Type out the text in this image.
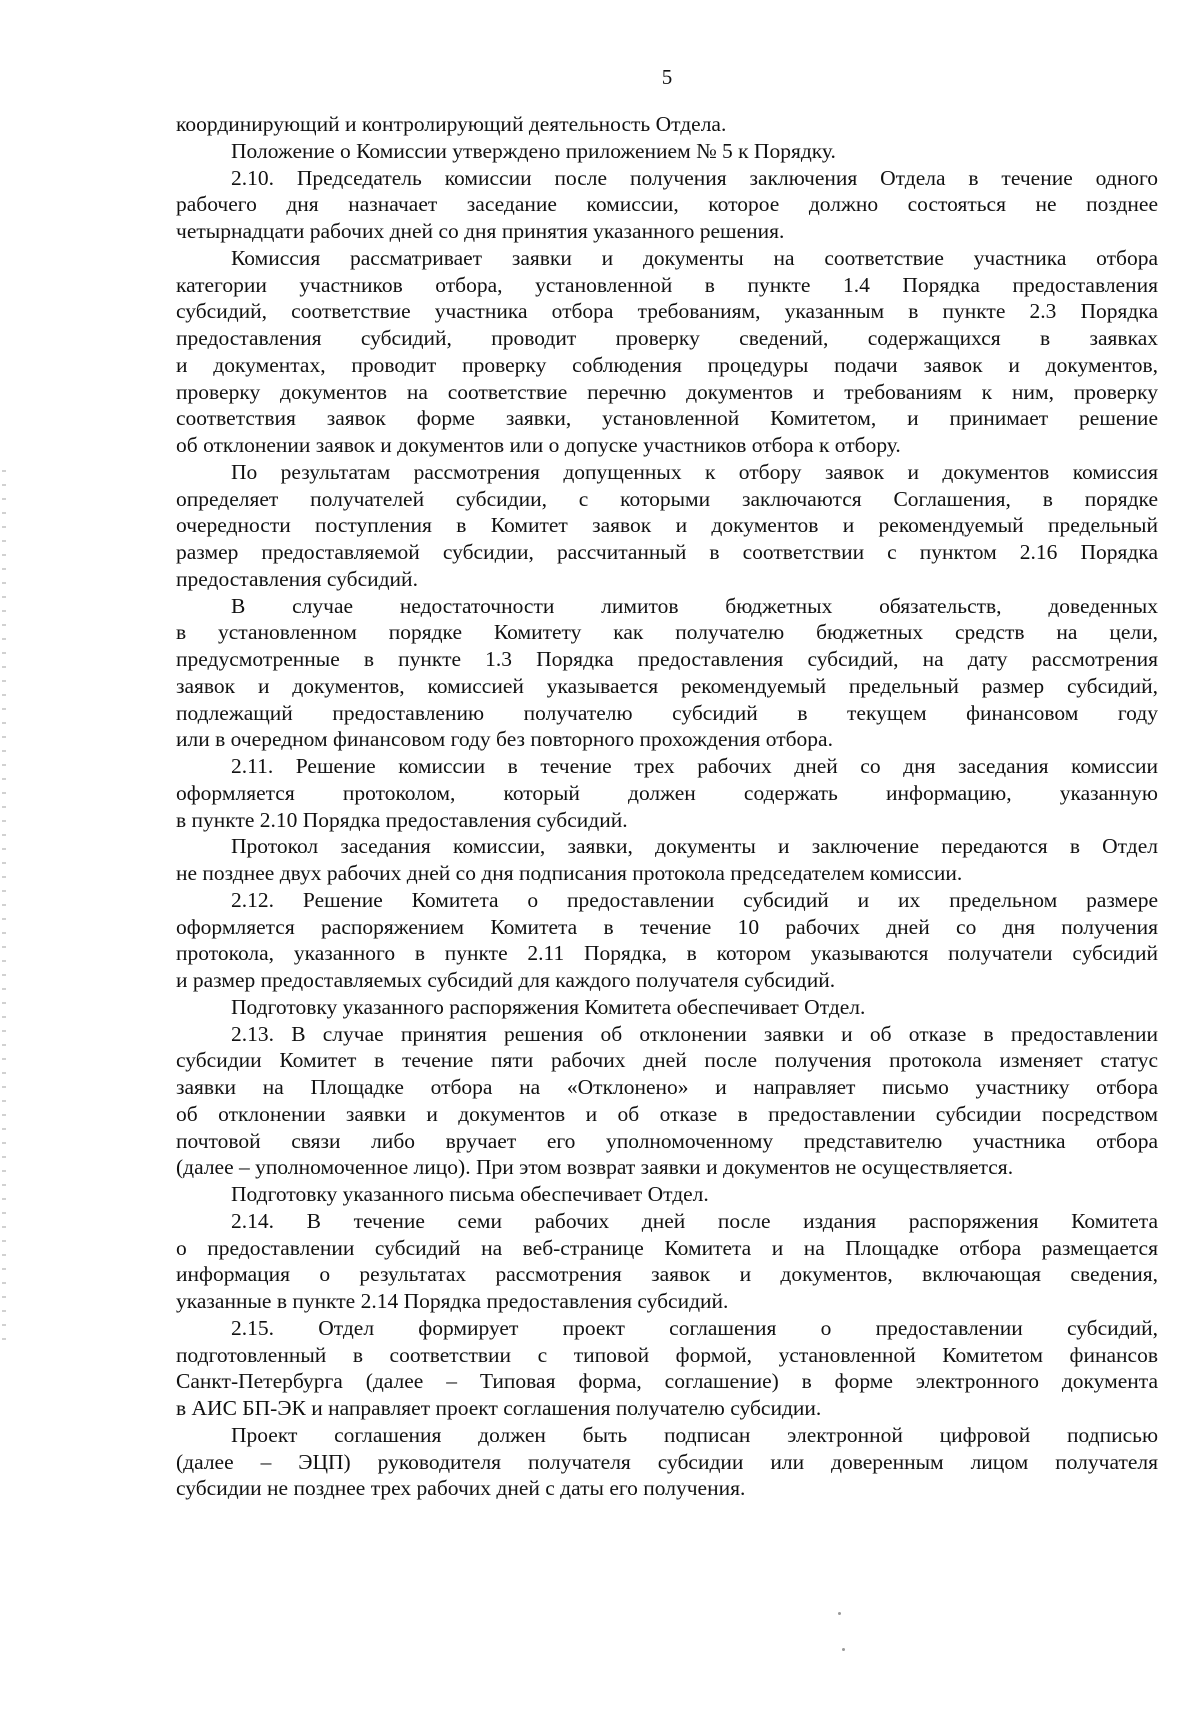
5
координирующий и контролирующий деятельность Отдела.
Положение о Комиссии утверждено приложением № 5 к Порядку.
2.10. Председатель комиссии после получения заключения Отдела в течение одного
рабочего дня назначает заседание комиссии, которое должно состояться не позднее
четырнадцати рабочих дней со дня принятия указанного решения.
Комиссия рассматривает заявки и документы на соответствие участника отбора
категории участников отбора, установленной в пункте 1.4 Порядка предоставления
субсидий, соответствие участника отбора требованиям, указанным в пункте 2.3 Порядка
предоставления субсидий, проводит проверку сведений, содержащихся в заявках
и документах, проводит проверку соблюдения процедуры подачи заявок и документов,
проверку документов на соответствие перечню документов и требованиям к ним, проверку
соответствия заявок форме заявки, установленной Комитетом, и принимает решение
об отклонении заявок и документов или о допуске участников отбора к отбору.
По результатам рассмотрения допущенных к отбору заявок и документов комиссия
определяет получателей субсидии, с которыми заключаются Соглашения, в порядке
очередности поступления в Комитет заявок и документов и рекомендуемый предельный
размер предоставляемой субсидии, рассчитанный в соответствии с пунктом 2.16 Порядка
предоставления субсидий.
В случае недостаточности лимитов бюджетных обязательств, доведенных
в установленном порядке Комитету как получателю бюджетных средств на цели,
предусмотренные в пункте 1.3 Порядка предоставления субсидий, на дату рассмотрения
заявок и документов, комиссией указывается рекомендуемый предельный размер субсидий,
подлежащий предоставлению получателю субсидий в текущем финансовом году
или в очередном финансовом году без повторного прохождения отбора.
2.11. Решение комиссии в течение трех рабочих дней со дня заседания комиссии
оформляется протоколом, который должен содержать информацию, указанную
в пункте 2.10 Порядка предоставления субсидий.
Протокол заседания комиссии, заявки, документы и заключение передаются в Отдел
не позднее двух рабочих дней со дня подписания протокола председателем комиссии.
2.12. Решение Комитета о предоставлении субсидий и их предельном размере
оформляется распоряжением Комитета в течение 10 рабочих дней со дня получения
протокола, указанного в пункте 2.11 Порядка, в котором указываются получатели субсидий
и размер предоставляемых субсидий для каждого получателя субсидий.
Подготовку указанного распоряжения Комитета обеспечивает Отдел.
2.13. В случае принятия решения об отклонении заявки и об отказе в предоставлении
субсидии Комитет в течение пяти рабочих дней после получения протокола изменяет статус
заявки на Площадке отбора на «Отклонено» и направляет письмо участнику отбора
об отклонении заявки и документов и об отказе в предоставлении субсидии посредством
почтовой связи либо вручает его уполномоченному представителю участника отбора
(далее – уполномоченное лицо). При этом возврат заявки и документов не осуществляется.
Подготовку указанного письма обеспечивает Отдел.
2.14. В течение семи рабочих дней после издания распоряжения Комитета
о предоставлении субсидий на веб-странице Комитета и на Площадке отбора размещается
информация о результатах рассмотрения заявок и документов, включающая сведения,
указанные в пункте 2.14 Порядка предоставления субсидий.
2.15. Отдел формирует проект соглашения о предоставлении субсидий,
подготовленный в соответствии с типовой формой, установленной Комитетом финансов
Санкт-Петербурга (далее – Типовая форма, соглашение) в форме электронного документа
в АИС БП-ЭК и направляет проект соглашения получателю субсидии.
Проект соглашения должен быть подписан электронной цифровой подписью
(далее – ЭЦП) руководителя получателя субсидии или доверенным лицом получателя
субсидии не позднее трех рабочих дней с даты его получения.
